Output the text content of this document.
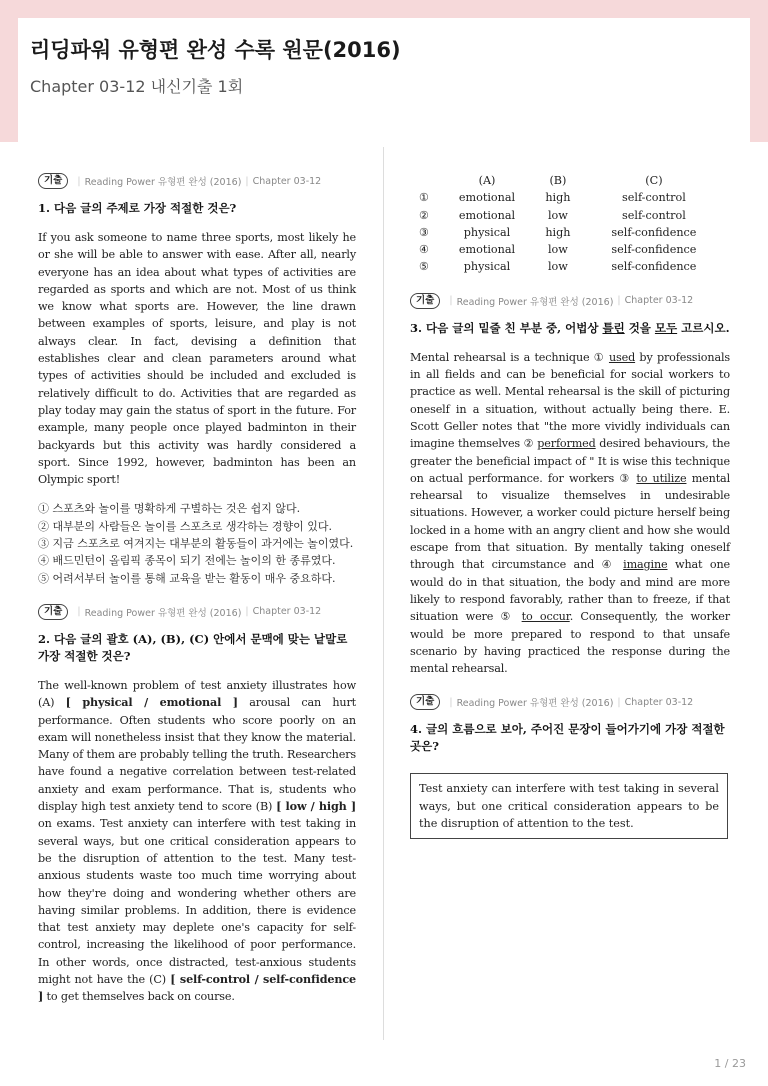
리딩파워 유형편 완성 수록 원문(2016)
Chapter 03-12 내신기출 1회
기출	| Reading Power 유형편 완성 (2016) | Chapter 03-12
1. 다음 글의 주제로 가장 적절한 것은?
If you ask someone to name three sports, most likely he or she will be able to answer with ease. After all, nearly everyone has an idea about what types of activities are regarded as sports and which are not. Most of us think we know what sports are. However, the line drawn between examples of sports, leisure, and play is not always clear. In fact, devising a definition that establishes clear and clean parameters around what types of activities should be included and excluded is relatively difficult to do. Activities that are regarded as play today may gain the status of sport in the future. For example, many people once played badminton in their backyards but this activity was hardly considered a sport. Since 1992, however, badminton has been an Olympic sport!
① 스포츠와 놀이를 명확하게 구별하는 것은 쉽지 않다.
② 대부분의 사람들은 놀이를 스포츠로 생각하는 경향이 있다.
③ 지금 스포츠로 여겨지는 대부분의 활동들이 과거에는 놀이였다.
④ 배드민턴이 올림픽 종목이 되기 전에는 놀이의 한 종류였다.
⑤ 어려서부터 놀이를 통해 교육을 받는 활동이 매우 중요하다.
기출	| Reading Power 유형편 완성 (2016) | Chapter 03-12
2. 다음 글의 괄호 (A), (B), (C) 안에서 문맥에 맞는 낱말로 가장 적절한 것은?
The well-known problem of test anxiety illustrates how (A) [ physical / emotional ] arousal can hurt performance. Often students who score poorly on an exam will nonetheless insist that they know the material. Many of them are probably telling the truth. Researchers have found a negative correlation between test-related anxiety and exam performance. That is, students who display high test anxiety tend to score (B) [ low / high ] on exams. Test anxiety can interfere with test taking in several ways, but one critical consideration appears to be the disruption of attention to the test. Many test-anxious students waste too much time worrying about how they're doing and wondering whether others are having similar problems. In addition, there is evidence that test anxiety may deplete one's capacity for self-control, increasing the likelihood of poor performance. In other words, once distracted, test-anxious students might not have the (C) [ self-control / self-confidence ] to get themselves back on course.
	(A)	(B)	(C)
①	emotional	high	self-control
②	emotional	low	self-control
③	physical	high	self-confidence
④	emotional	low	self-confidence
⑤	physical	low	self-confidence
기출	| Reading Power 유형편 완성 (2016) | Chapter 03-12
3. 다음 글의 밑줄 친 부분 중, 어법상 틀린 것을 모두 고르시오.
Mental rehearsal is a technique ① used by professionals in all fields and can be beneficial for social workers to practice as well. Mental rehearsal is the skill of picturing oneself in a situation, without actually being there. E. Scott Geller notes that "the more vividly individuals can imagine themselves ② performed desired behaviours, the greater the beneficial impact of " It is wise this technique on actual performance. for workers ③ to utilize mental rehearsal to visualize themselves in undesirable situations. However, a worker could picture herself being locked in a home with an angry client and how she would escape from that situation. By mentally taking oneself through that circumstance and ④ imagine what one would do in that situation, the body and mind are more likely to respond favorably, rather than to freeze, if that situation were ⑤ to occur. Consequently, the worker would be more prepared to respond to that unsafe scenario by having practiced the response during the mental rehearsal.
기출	| Reading Power 유형편 완성 (2016) | Chapter 03-12
4. 글의 흐름으로 보아, 주어진 문장이 들어가기에 가장 적절한 곳은?
Test anxiety can interfere with test taking in several ways, but one critical consideration appears to be the disruption of attention to the test.
1 / 23
